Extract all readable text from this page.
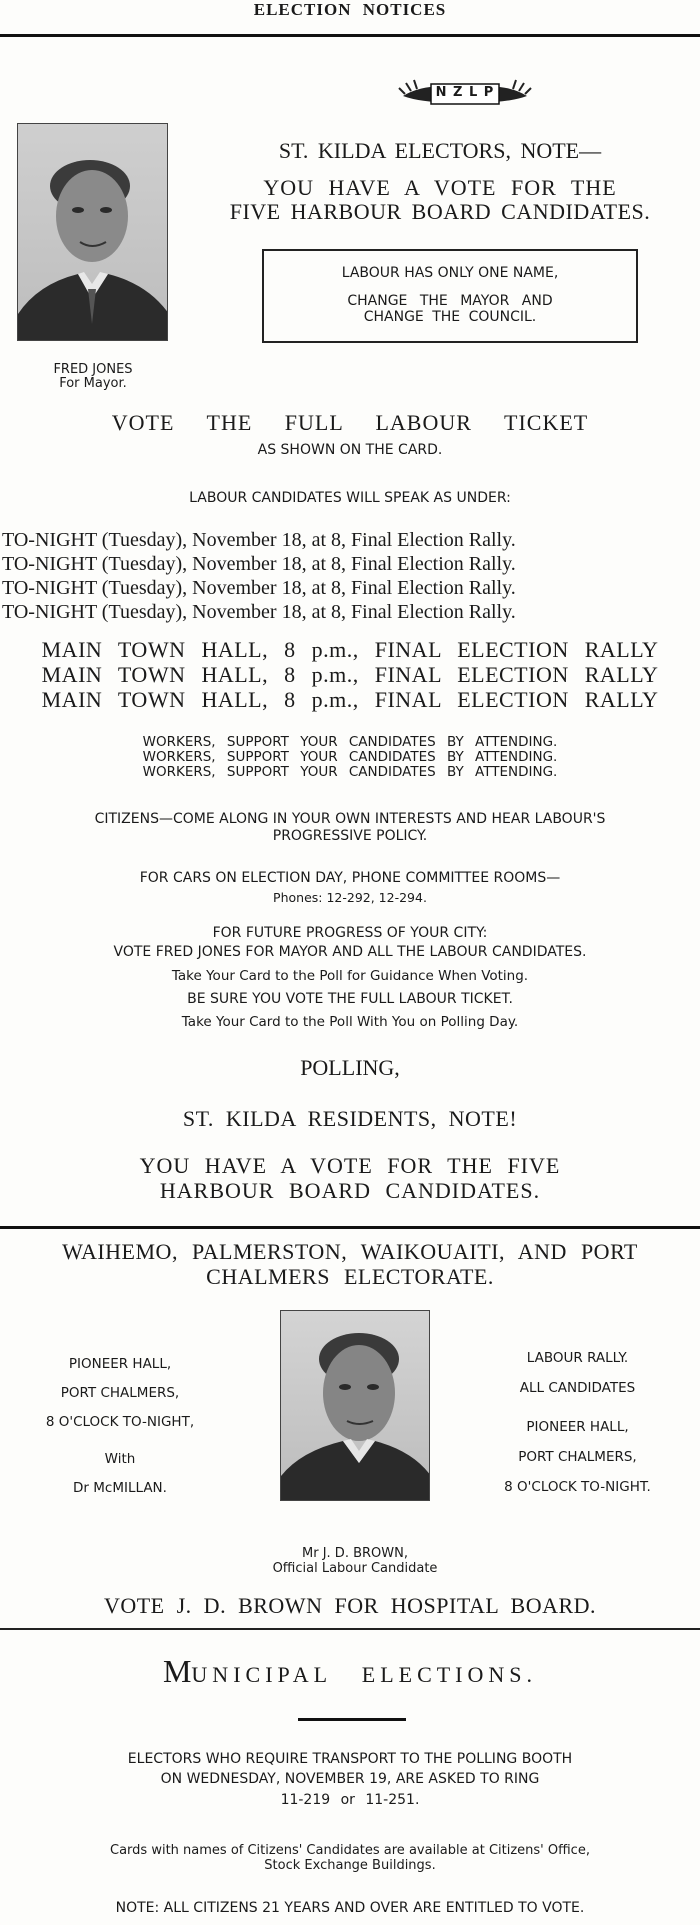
ELECTION NOTICES
N Z L P
FRED JONES
For Mayor.
ST. KILDA ELECTORS, NOTE—
YOU HAVE A VOTE FOR THE
FIVE HARBOUR BOARD CANDIDATES.
LABOUR HAS ONLY ONE NAME,
CHANGE THE MAYOR AND
CHANGE THE COUNCIL.
VOTE THE FULL LABOUR TICKET
AS SHOWN ON THE CARD.
LABOUR CANDIDATES WILL SPEAK AS UNDER:
TO-NIGHT (Tuesday), November 18, at 8, Final Election Rally.
TO-NIGHT (Tuesday), November 18, at 8, Final Election Rally.
TO-NIGHT (Tuesday), November 18, at 8, Final Election Rally.
TO-NIGHT (Tuesday), November 18, at 8, Final Election Rally.
MAIN TOWN HALL, 8 p.m., FINAL ELECTION RALLY
MAIN TOWN HALL, 8 p.m., FINAL ELECTION RALLY
MAIN TOWN HALL, 8 p.m., FINAL ELECTION RALLY
WORKERS, SUPPORT YOUR CANDIDATES BY ATTENDING.
WORKERS, SUPPORT YOUR CANDIDATES BY ATTENDING.
WORKERS, SUPPORT YOUR CANDIDATES BY ATTENDING.
CITIZENS—COME ALONG IN YOUR OWN INTERESTS AND HEAR LABOUR'S
PROGRESSIVE POLICY.
FOR CARS ON ELECTION DAY, PHONE COMMITTEE ROOMS—
Phones: 12-292, 12-294.
FOR FUTURE PROGRESS OF YOUR CITY:
VOTE FRED JONES FOR MAYOR AND ALL THE LABOUR CANDIDATES.
Take Your Card to the Poll for Guidance When Voting.
BE SURE YOU VOTE THE FULL LABOUR TICKET.
Take Your Card to the Poll With You on Polling Day.
POLLING,
ST. KILDA RESIDENTS, NOTE!
YOU HAVE A VOTE FOR THE FIVE
HARBOUR BOARD CANDIDATES.
WAIHEMO, PALMERSTON, WAIKOUAITI, AND PORT
CHALMERS ELECTORATE.
PIONEER HALL,
PORT CHALMERS,
8 O'CLOCK TO-NIGHT,
With
Dr McMILLAN.
Mr J. D. BROWN,
Official Labour Candidate
LABOUR RALLY.
ALL CANDIDATES
PIONEER HALL,
PORT CHALMERS,
8 O'CLOCK TO-NIGHT.
VOTE J. D. BROWN FOR HOSPITAL BOARD.
MUNICIPAL ELECTIONS.
ELECTORS WHO REQUIRE TRANSPORT TO THE POLLING BOOTH
ON WEDNESDAY, NOVEMBER 19, ARE ASKED TO RING
11-219 or 11-251.
Cards with names of Citizens' Candidates are available at Citizens' Office,
Stock Exchange Buildings.
NOTE: ALL CITIZENS 21 YEARS AND OVER ARE ENTITLED TO VOTE.
